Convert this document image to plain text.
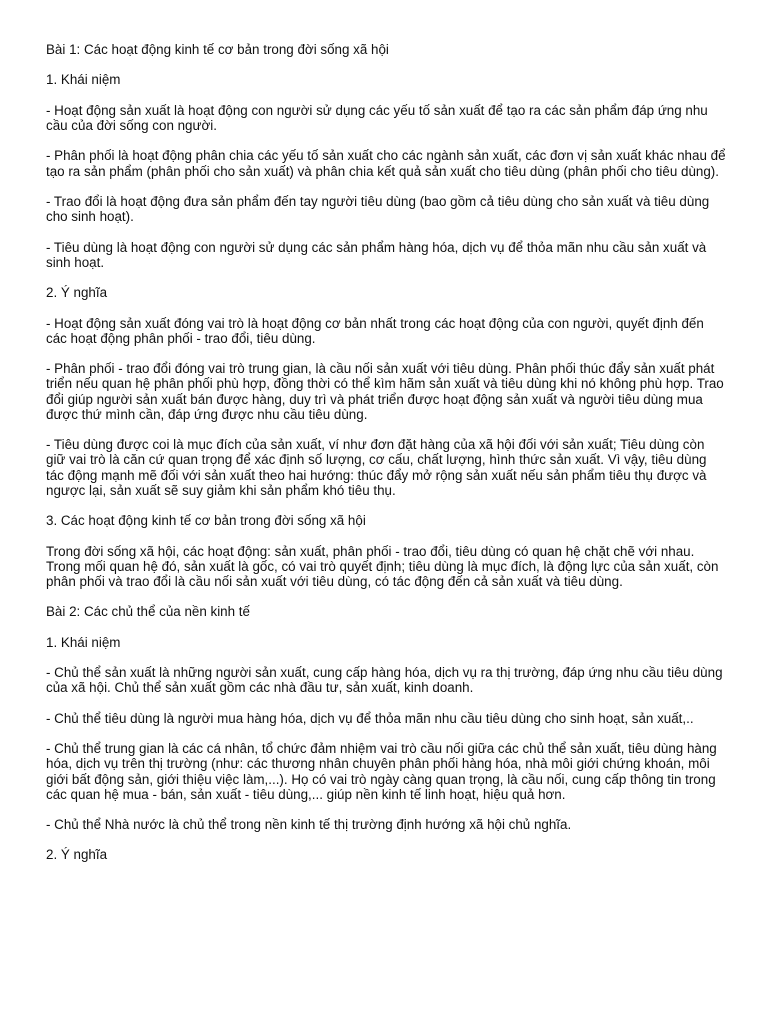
Bài 1: Các hoạt động kinh tế cơ bản trong đời sống xã hội

1. Khái niệm

- Hoạt động sản xuất là hoạt động con người sử dụng các yếu tố sản xuất để tạo ra các sản phẩm đáp ứng nhu cầu của đời sống con người.

- Phân phối là hoạt động phân chia các yếu tố sản xuất cho các ngành sản xuất, các đơn vị sản xuất khác nhau để tạo ra sản phẩm (phân phối cho sản xuất) và phân chia kết quả sản xuất cho tiêu dùng (phân phối cho tiêu dùng).

- Trao đổi là hoạt động đưa sản phẩm đến tay người tiêu dùng (bao gồm cả tiêu dùng cho sản xuất và tiêu dùng cho sinh hoạt).

- Tiêu dùng là hoạt động con người sử dụng các sản phẩm hàng hóa, dịch vụ để thỏa mãn nhu cầu sản xuất và sinh hoạt.

2. Ý nghĩa

- Hoạt động sản xuất đóng vai trò là hoạt động cơ bản nhất trong các hoạt động của con người, quyết định đến các hoạt động phân phối - trao đổi, tiêu dùng.

- Phân phối - trao đổi đóng vai trò trung gian, là cầu nối sản xuất với tiêu dùng. Phân phối thúc đẩy sản xuất phát triển nếu quan hệ phân phối phù hợp, đồng thời có thể kìm hãm sản xuất và tiêu dùng khi nó không phù hợp. Trao đổi giúp người sản xuất bán được hàng, duy trì và phát triển được hoạt động sản xuất và người tiêu dùng mua được thứ mình cần, đáp ứng được nhu cầu tiêu dùng.

- Tiêu dùng được coi là mục đích của sản xuất, ví như đơn đặt hàng của xã hội đối với sản xuất; Tiêu dùng còn giữ vai trò là căn cứ quan trọng để xác định số lượng, cơ cấu, chất lượng, hình thức sản xuất. Vì vậy, tiêu dùng tác động mạnh mẽ đối với sản xuất theo hai hướng: thúc đẩy mở rộng sản xuất nếu sản phẩm tiêu thụ được và ngược lại, sản xuất sẽ suy giảm khi sản phẩm khó tiêu thụ.

3. Các hoạt động kinh tế cơ bản trong đời sống xã hội

Trong đời sống xã hội, các hoạt động: sản xuất, phân phối - trao đổi, tiêu dùng có quan hệ chặt chẽ với nhau. Trong mối quan hệ đó, sản xuất là gốc, có vai trò quyết định; tiêu dùng là mục đích, là động lực của sản xuất, còn phân phối và trao đổi là cầu nối sản xuất với tiêu dùng, có tác động đến cả sản xuất và tiêu dùng.

Bài 2: Các chủ thể của nền kinh tế

1. Khái niệm

- Chủ thể sản xuất là những người sản xuất, cung cấp hàng hóa, dịch vụ ra thị trường, đáp ứng nhu cầu tiêu dùng của xã hội. Chủ thể sản xuất gồm các nhà đầu tư, sản xuất, kinh doanh.

- Chủ thể tiêu dùng là người mua hàng hóa, dịch vụ để thỏa mãn nhu cầu tiêu dùng cho sinh hoạt, sản xuất,..

- Chủ thể trung gian là các cá nhân, tổ chức đảm nhiệm vai trò cầu nối giữa các chủ thể sản xuất, tiêu dùng hàng hóa, dịch vụ trên thị trường (như: các thương nhân chuyên phân phối hàng hóa, nhà môi giới chứng khoán, môi giới bất động sản, giới thiệu việc làm,...). Họ có vai trò ngày càng quan trọng, là cầu nối, cung cấp thông tin trong các quan hệ mua - bán, sản xuất - tiêu dùng,... giúp nền kinh tế linh hoạt, hiệu quả hơn.

- Chủ thể Nhà nước là chủ thể trong nền kinh tế thị trường định hướng xã hội chủ nghĩa.

2. Ý nghĩa
